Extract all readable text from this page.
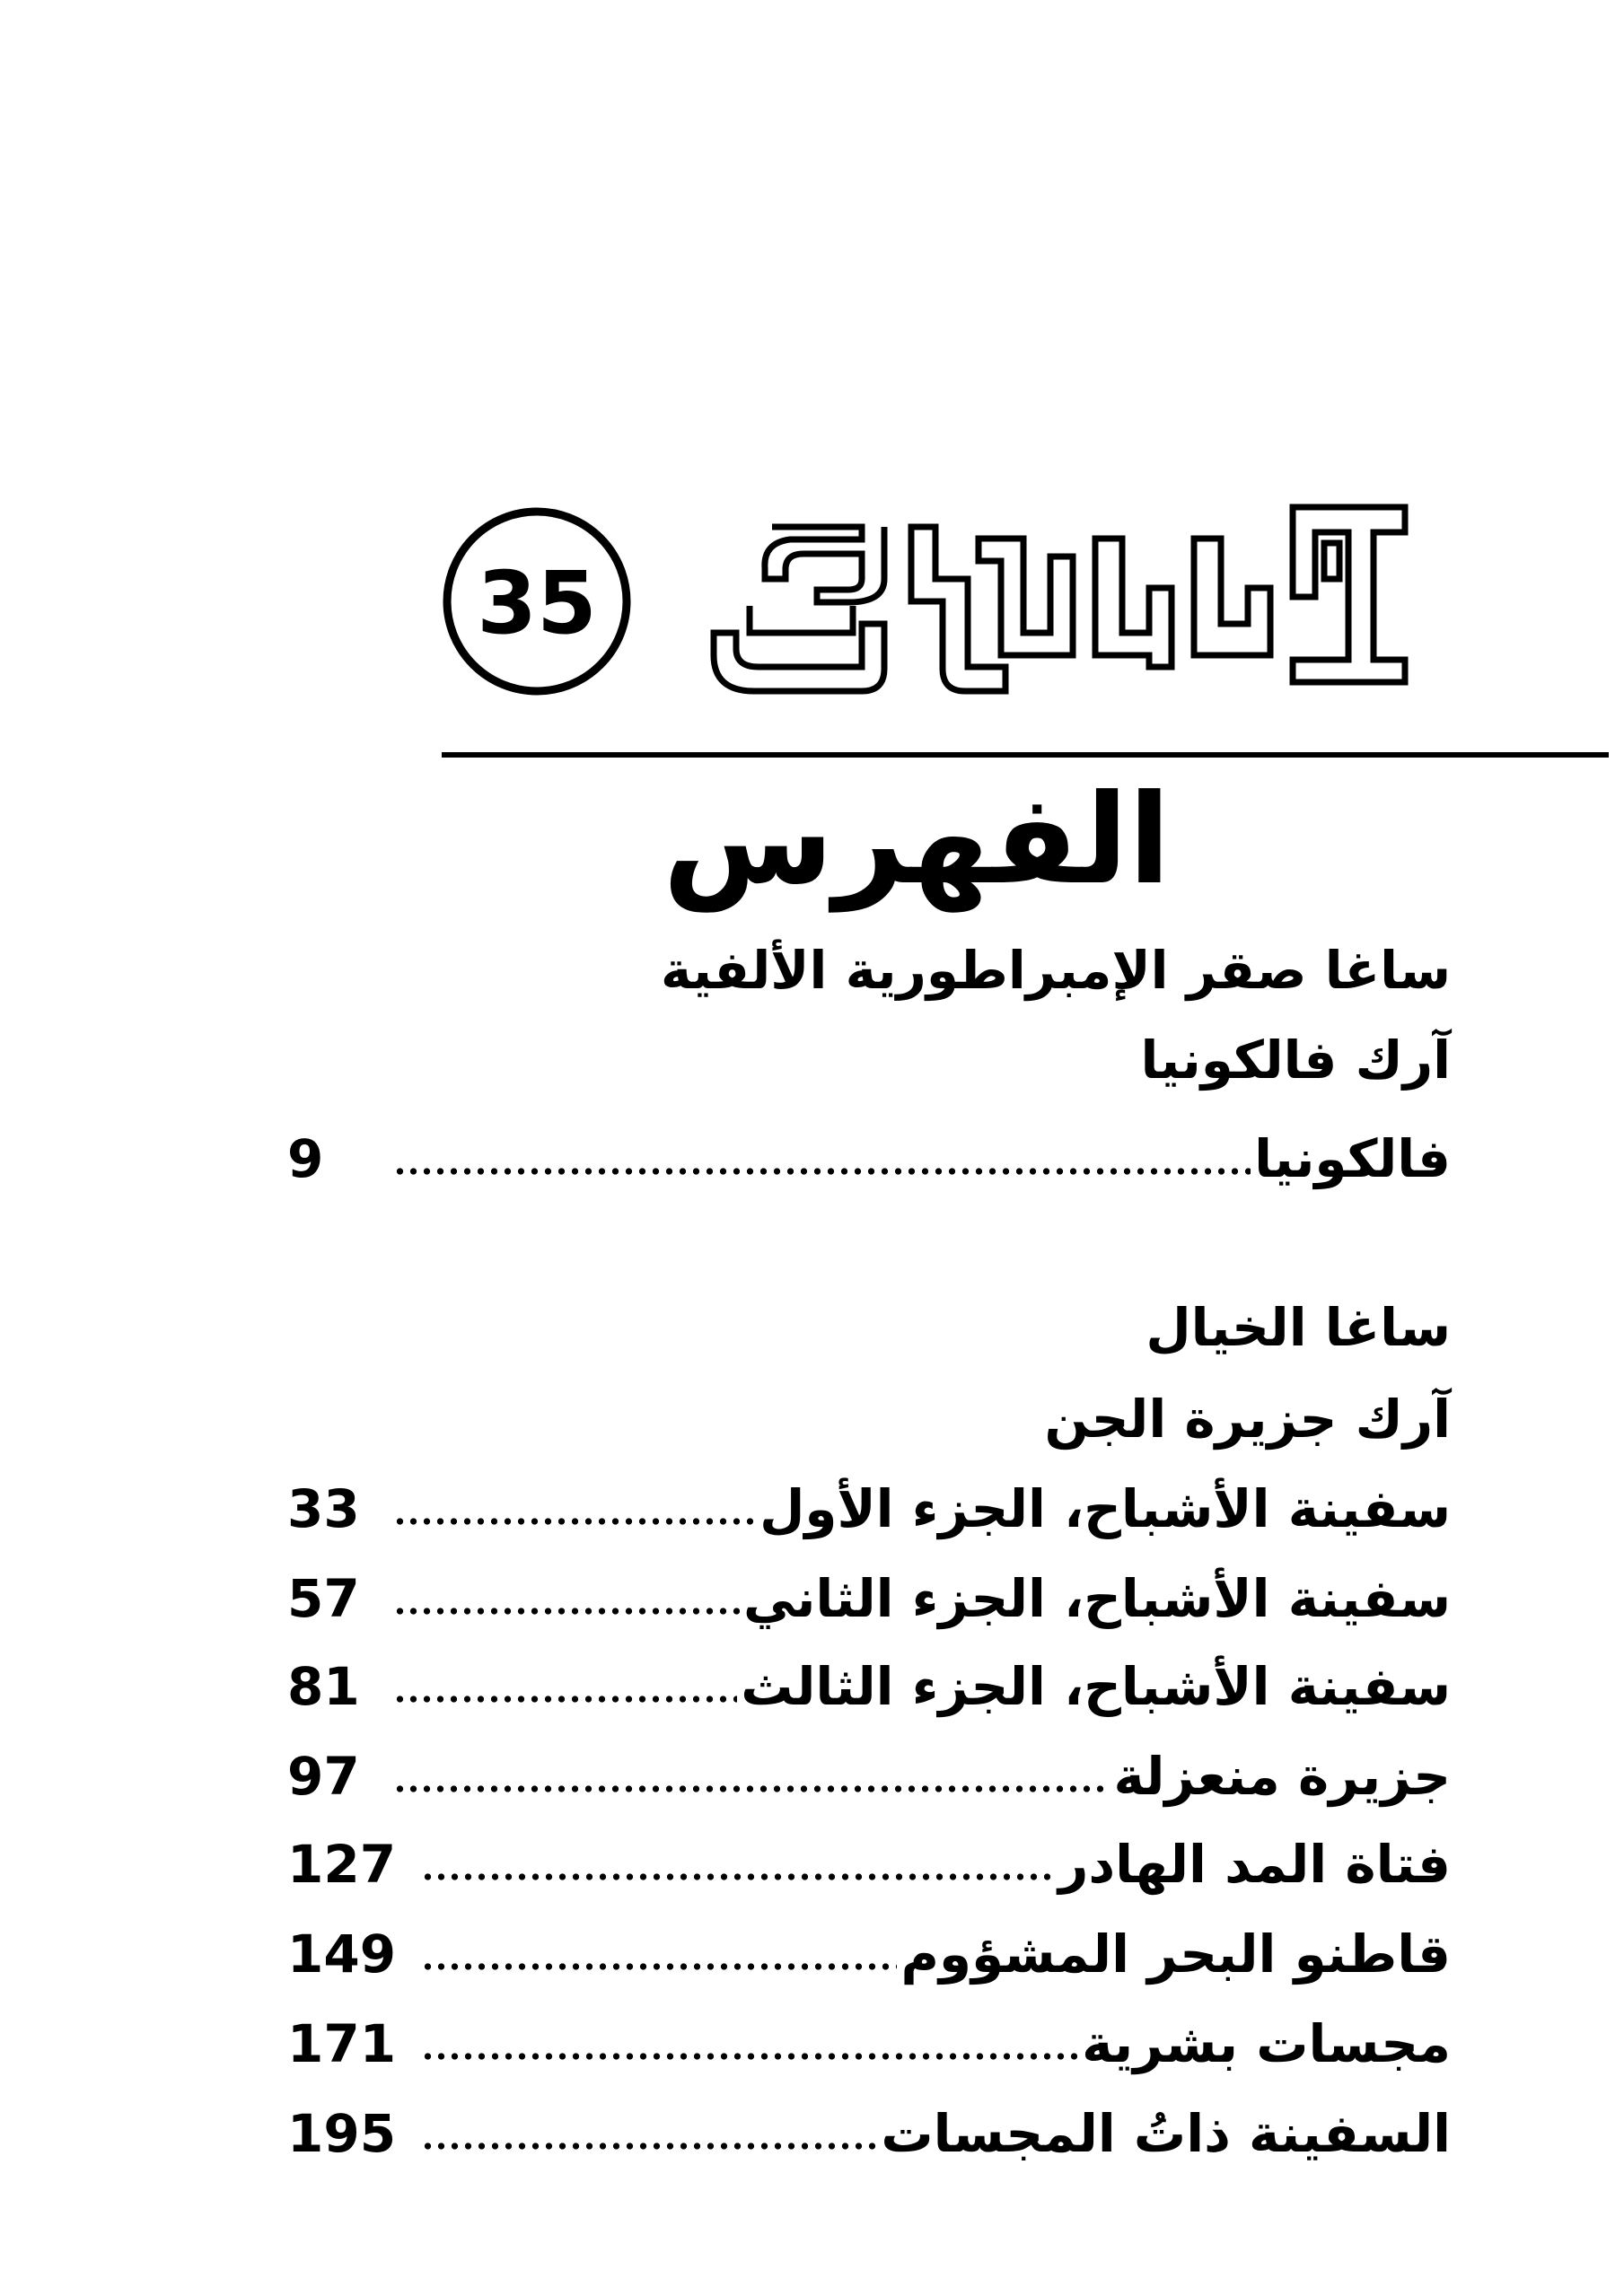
35
الفهرس
ساغا صقر الإمبراطورية الألفية
آرك فالكونيا
فالكونيا
9
ساغا الخيال
آرك جزيرة الجن
سفينة الأشباح، الجزء الأول
33
سفينة الأشباح، الجزء الثاني
57
سفينة الأشباح، الجزء الثالث
81
جزيرة منعزلة
97
فتاة المد الهادر
127
قاطنو البحر المشؤوم
149
مجسات بشرية
171
السفينة ذاتُ المجسات
195
